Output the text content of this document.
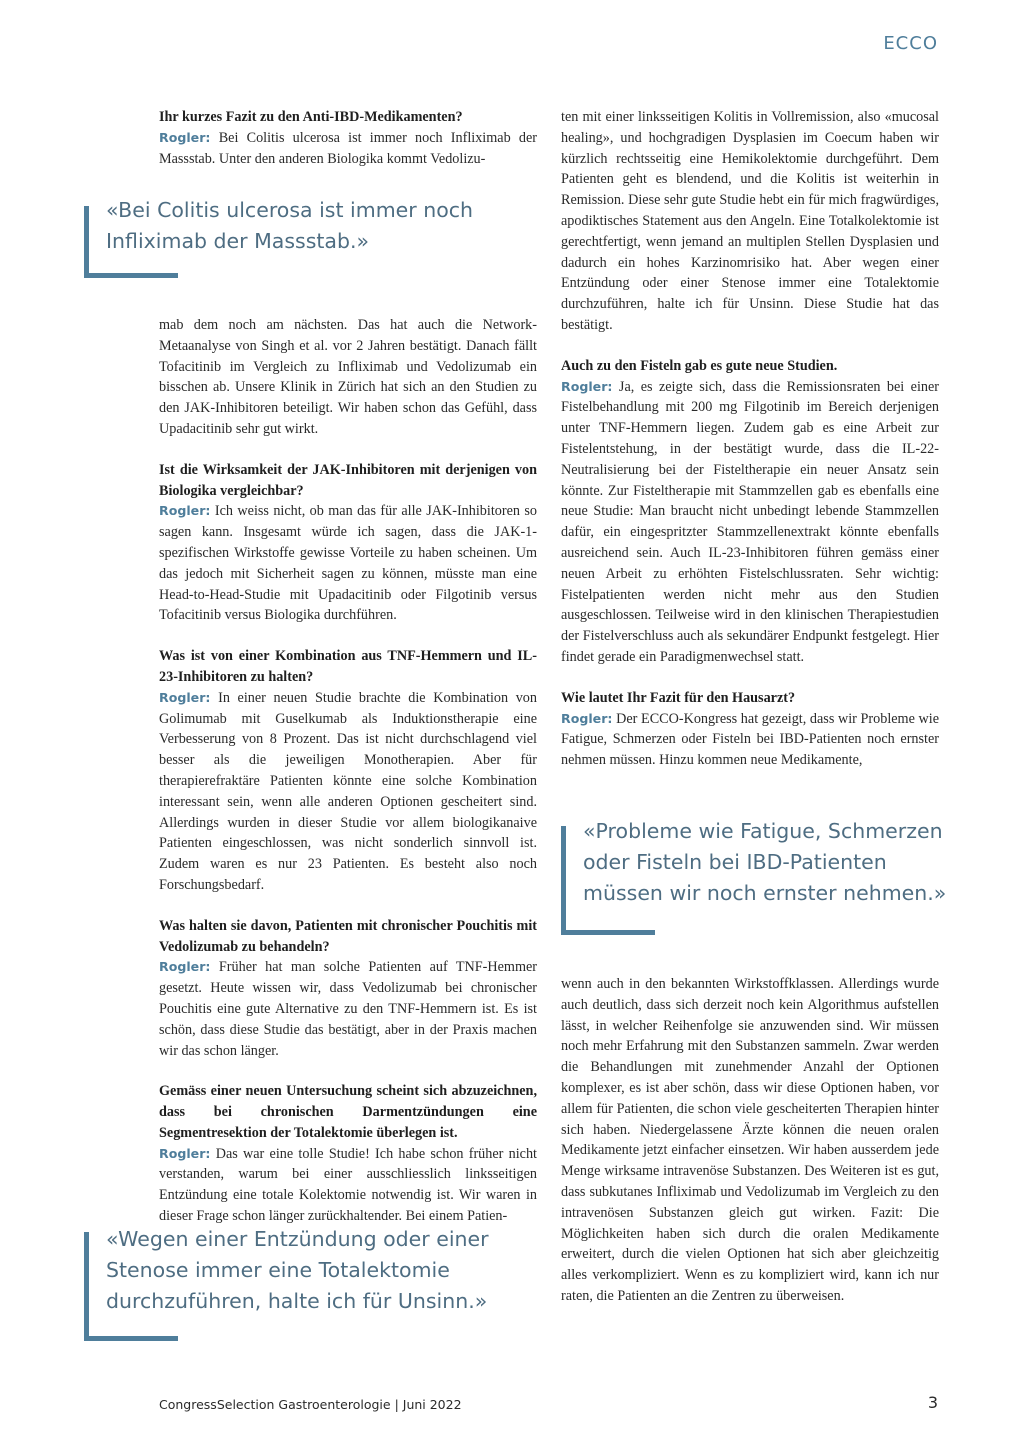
ECCO
Ihr kurzes Fazit zu den Anti-IBD-Medikamenten?

Rogler: Bei Colitis ulcerosa ist immer noch Infliximab der Massstab. Unter den anderen Biologika kommt Vedolizu-

«Bei Colitis ulcerosa ist immer noch Infliximab der Massstab.»

mab dem noch am nächsten. Das hat auch die Network-Metaanalyse von Singh et al. vor 2 Jahren bestätigt. Danach fällt Tofacitinib im Vergleich zu Infliximab und Vedolizumab ein bisschen ab. Unsere Klinik in Zürich hat sich an den Studien zu den JAK-Inhibitoren beteiligt. Wir haben schon das Gefühl, dass Upadacitinib sehr gut wirkt.

Ist die Wirksamkeit der JAK-Inhibitoren mit derjenigen von Biologika vergleichbar?

Rogler: Ich weiss nicht, ob man das für alle JAK-Inhibitoren so sagen kann. Insgesamt würde ich sagen, dass die JAK-1-spezifischen Wirkstoffe gewisse Vorteile zu haben scheinen. Um das jedoch mit Sicherheit sagen zu können, müsste man eine Head-to-Head-Studie mit Upadacitinib oder Filgotinib versus Tofacitinib versus Biologika durchführen.

Was ist von einer Kombination aus TNF-Hemmern und IL-23-Inhibitoren zu halten?

Rogler: In einer neuen Studie brachte die Kombination von Golimumab mit Guselkumab als Induktionstherapie eine Verbesserung von 8 Prozent. Das ist nicht durchschlagend viel besser als die jeweiligen Monotherapien. Aber für therapierefraktäre Patienten könnte eine solche Kombination interessant sein, wenn alle anderen Optionen gescheitert sind. Allerdings wurden in dieser Studie vor allem biologikanaive Patienten eingeschlossen, was nicht sonderlich sinnvoll ist. Zudem waren es nur 23 Patienten. Es besteht also noch Forschungsbedarf.

Was halten sie davon, Patienten mit chronischer Pouchitis mit Vedolizumab zu behandeln?

Rogler: Früher hat man solche Patienten auf TNF-Hemmer gesetzt. Heute wissen wir, dass Vedolizumab bei chronischer Pouchitis eine gute Alternative zu den TNF-Hemmern ist. Es ist schön, dass diese Studie das bestätigt, aber in der Praxis machen wir das schon länger.

Gemäss einer neuen Untersuchung scheint sich abzuzeichnen, dass bei chronischen Darmentzündungen eine Segmentresektion der Totalektomie überlegen ist.

Rogler: Das war eine tolle Studie! Ich habe schon früher nicht verstanden, warum bei einer ausschliesslich linksseitigen Entzündung eine totale Kolektomie notwendig ist. Wir waren in dieser Frage schon länger zurückhaltender. Bei einem Patien-

«Wegen einer Entzündung oder einer Stenose immer eine Totalektomie durchzuführen, halte ich für Unsinn.»

ten mit einer linksseitigen Kolitis in Vollremission, also «mucosal healing», und hochgradigen Dysplasien im Coecum haben wir kürzlich rechtsseitig eine Hemikolektomie durchgeführt. Dem Patienten geht es blendend, und die Kolitis ist weiterhin in Remission. Diese sehr gute Studie hebt ein für mich fragwürdiges, apodiktisches Statement aus den Angeln. Eine Totalkolektomie ist gerechtfertigt, wenn jemand an multiplen Stellen Dysplasien und dadurch ein hohes Karzinomrisiko hat. Aber wegen einer Entzündung oder einer Stenose immer eine Totalektomie durchzuführen, halte ich für Unsinn. Diese Studie hat das bestätigt.

Auch zu den Fisteln gab es gute neue Studien.

Rogler: Ja, es zeigte sich, dass die Remissionsraten bei einer Fistelbehandlung mit 200 mg Filgotinib im Bereich derjenigen unter TNF-Hemmern liegen. Zudem gab es eine Arbeit zur Fistelentstehung, in der bestätigt wurde, dass die IL-22-Neutralisierung bei der Fisteltherapie ein neuer Ansatz sein könnte. Zur Fisteltherapie mit Stammzellen gab es ebenfalls eine neue Studie: Man braucht nicht unbedingt lebende Stammzellen dafür, ein eingespritzter Stammzellenextrakt könnte ebenfalls ausreichend sein. Auch IL-23-Inhibitoren führen gemäss einer neuen Arbeit zu erhöhten Fistelschlussraten. Sehr wichtig: Fistelpatienten werden nicht mehr aus den Studien ausgeschlossen. Teilweise wird in den klinischen Therapiestudien der Fistelverschluss auch als sekundärer Endpunkt festgelegt. Hier findet gerade ein Paradigmenwechsel statt.

Wie lautet Ihr Fazit für den Hausarzt?

Rogler: Der ECCO-Kongress hat gezeigt, dass wir Probleme wie Fatigue, Schmerzen oder Fisteln bei IBD-Patienten noch ernster nehmen müssen. Hinzu kommen neue Medikamente,

«Probleme wie Fatigue, Schmerzen oder Fisteln bei IBD-Patienten müssen wir noch ernster nehmen.»

wenn auch in den bekannten Wirkstoffklassen. Allerdings wurde auch deutlich, dass sich derzeit noch kein Algorithmus aufstellen lässt, in welcher Reihenfolge sie anzuwenden sind. Wir müssen noch mehr Erfahrung mit den Substanzen sammeln. Zwar werden die Behandlungen mit zunehmender Anzahl der Optionen komplexer, es ist aber schön, dass wir diese Optionen haben, vor allem für Patienten, die schon viele gescheiterten Therapien hinter sich haben. Niedergelassene Ärzte können die neuen oralen Medikamente jetzt einfacher einsetzen. Wir haben ausserdem jede Menge wirksame intravenöse Substanzen. Des Weiteren ist es gut, dass subkutanes Infliximab und Vedolizumab im Vergleich zu den intravenösen Substanzen gleich gut wirken. Fazit: Die Möglichkeiten haben sich durch die oralen Medikamente erweitert, durch die vielen Optionen hat sich aber gleichzeitig alles verkompliziert. Wenn es zu kompliziert wird, kann ich nur raten, die Patienten an die Zentren zu überweisen.

CongressSelection Gastroenterologie | Juni 2022	3
